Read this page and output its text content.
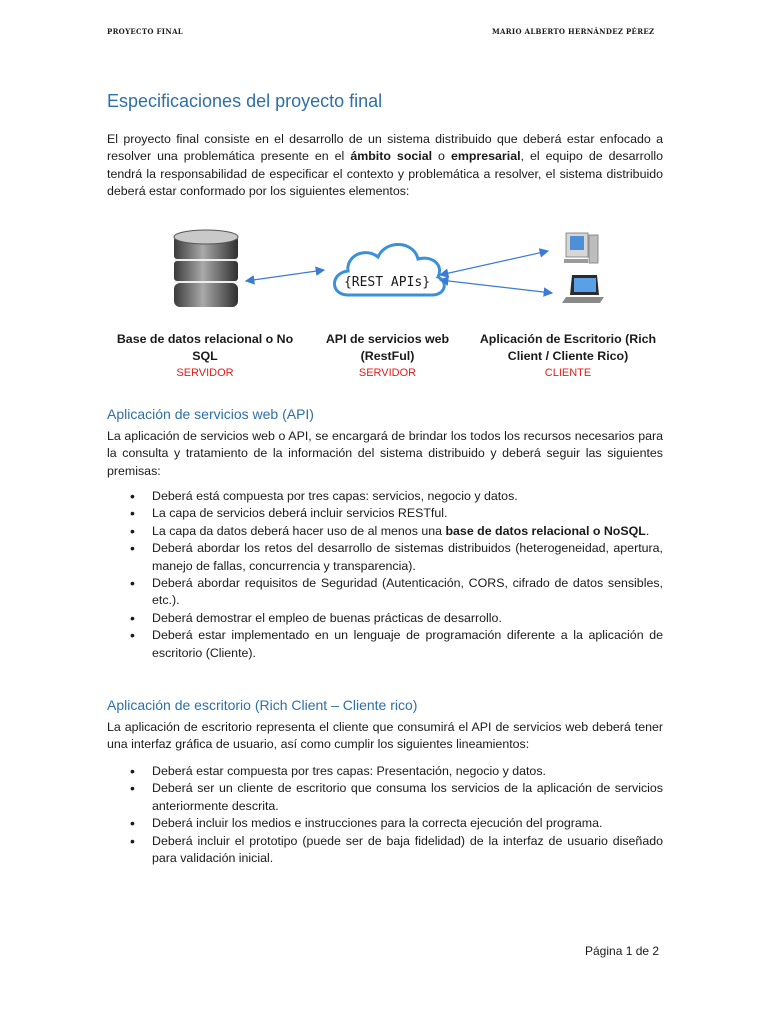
PROYECTO FINAL	MARIO ALBERTO HERNÁNDEZ PÉREZ
Especificaciones del proyecto final
El proyecto final consiste en el desarrollo de un sistema distribuido que deberá estar enfocado a resolver una problemática presente en el ámbito social o empresarial, el equipo de desarrollo tendrá la responsabilidad de especificar el contexto y problemática a resolver, el sistema distribuido deberá estar conformado por los siguientes elementos:
{REST APIs}
Base de datos relacional o No SQL
SERVIDOR
API de servicios web (RestFul)
SERVIDOR
Aplicación de Escritorio (Rich Client / Cliente Rico)
CLIENTE
Aplicación de servicios web (API)
La aplicación de servicios web o API, se encargará de brindar los todos los recursos necesarios para la consulta y tratamiento de la información del sistema distribuido y deberá seguir las siguientes premisas:
• Deberá está compuesta por tres capas: servicios, negocio y datos.
• La capa de servicios deberá incluir servicios RESTful.
• La capa da datos deberá hacer uso de al menos una base de datos relacional o NoSQL.
• Deberá abordar los retos del desarrollo de sistemas distribuidos (heterogeneidad, apertura, manejo de fallas, concurrencia y transparencia).
• Deberá abordar requisitos de Seguridad (Autenticación, CORS, cifrado de datos sensibles, etc.).
• Deberá demostrar el empleo de buenas prácticas de desarrollo.
• Deberá estar implementado en un lenguaje de programación diferente a la aplicación de escritorio (Cliente).
Aplicación de escritorio (Rich Client – Cliente rico)
La aplicación de escritorio representa el cliente que consumirá el API de servicios web deberá tener una interfaz gráfica de usuario, así como cumplir los siguientes lineamientos:
• Deberá estar compuesta por tres capas: Presentación, negocio y datos.
• Deberá ser un cliente de escritorio que consuma los servicios de la aplicación de servicios anteriormente descrita.
• Deberá incluir los medios e instrucciones para la correcta ejecución del programa.
• Deberá incluir el prototipo (puede ser de baja fidelidad) de la interfaz de usuario diseñado para validación inicial.
Página 1 de 2
